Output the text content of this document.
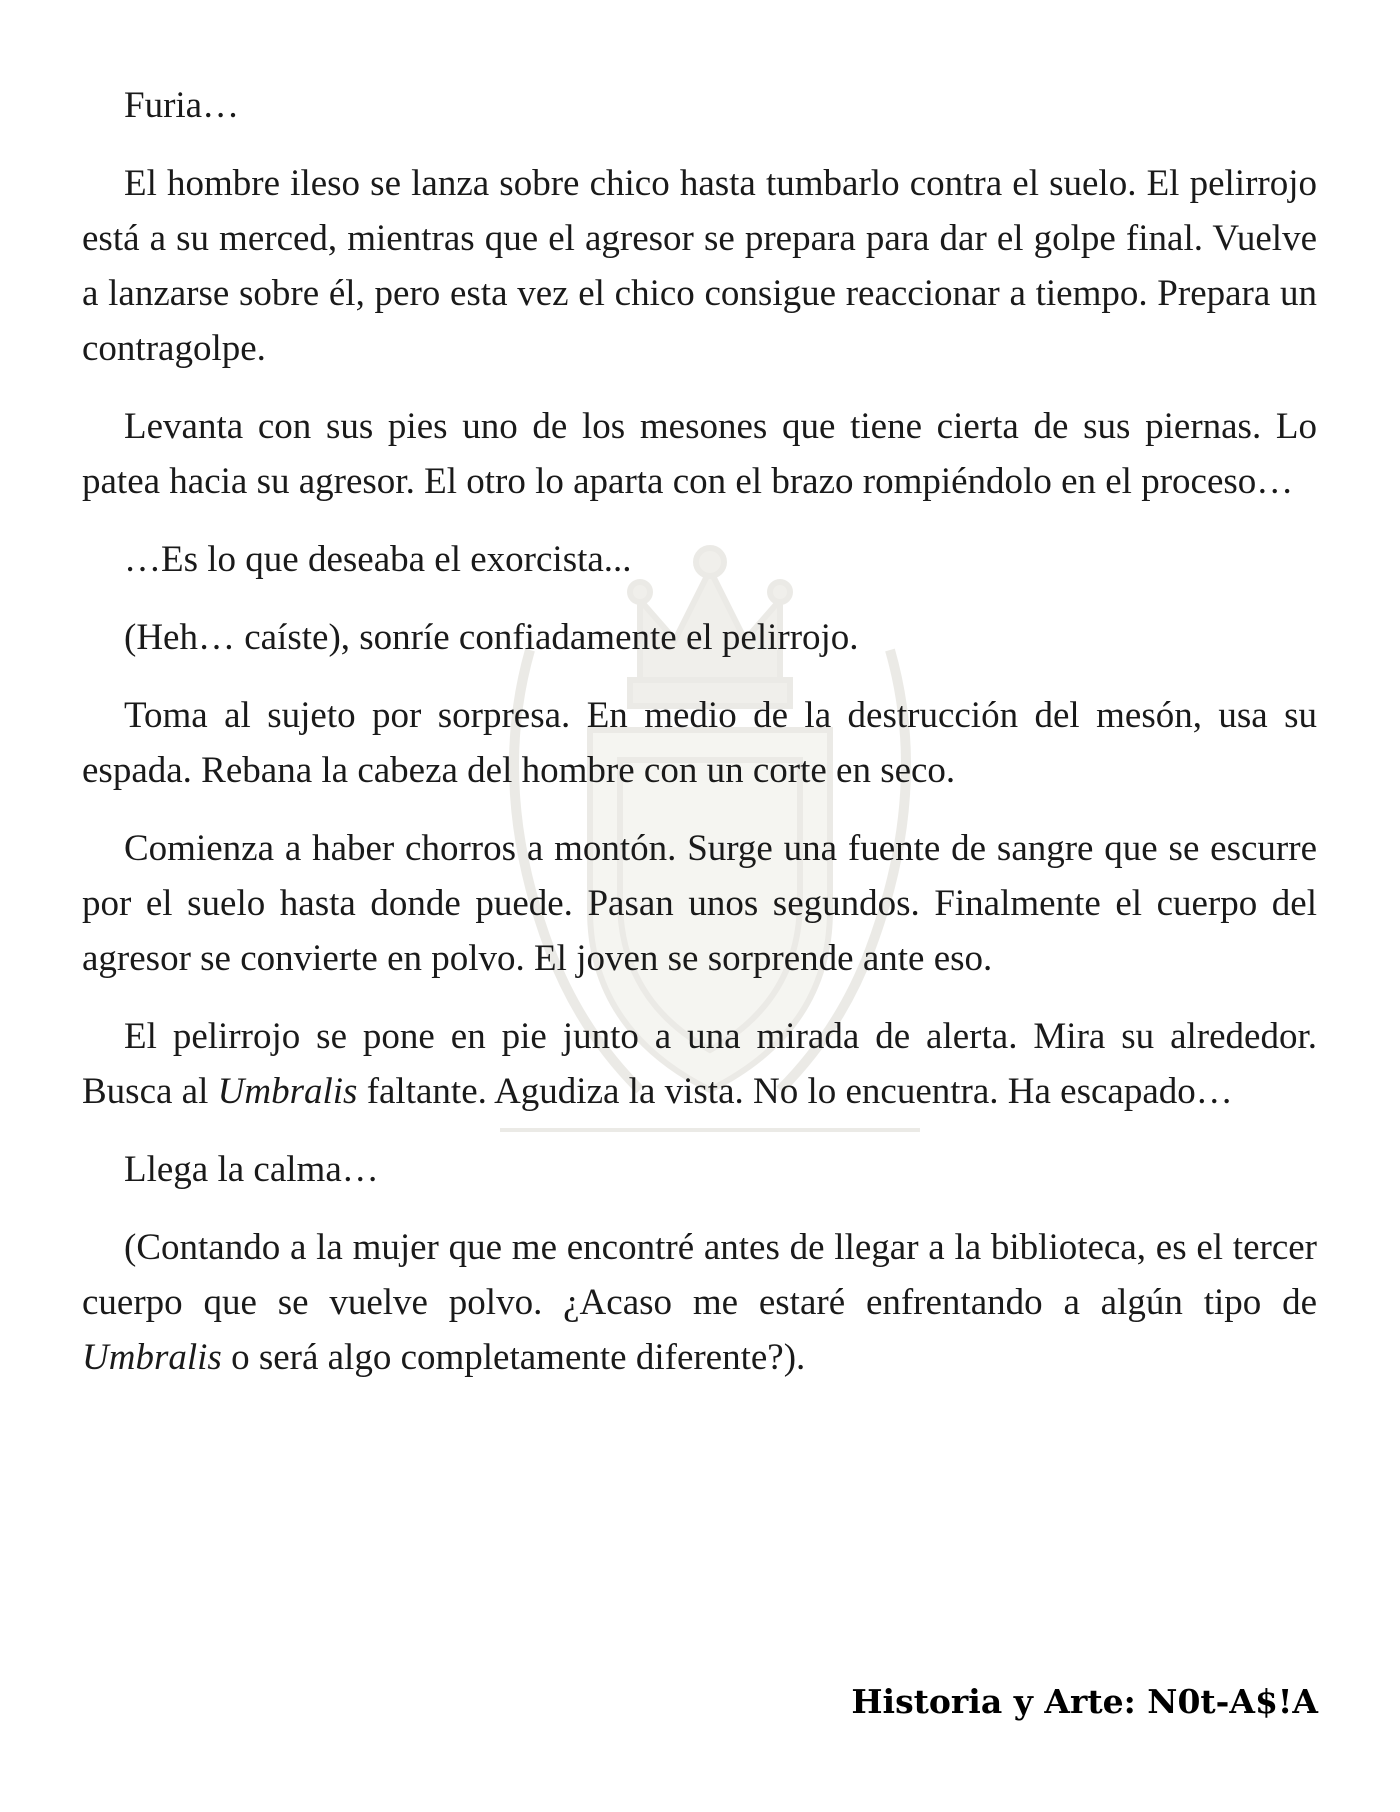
Furia…

El hombre ileso se lanza sobre chico hasta tumbarlo contra el suelo. El pelirrojo está a su merced, mientras que el agresor se prepara para dar el golpe final. Vuelve a lanzarse sobre él, pero esta vez el chico consigue reaccionar a tiempo. Prepara un contragolpe.

Levanta con sus pies uno de los mesones que tiene cierta de sus piernas. Lo patea hacia su agresor. El otro lo aparta con el brazo rompiéndolo en el proceso…

…Es lo que deseaba el exorcista...

(Heh… caíste), sonríe confiadamente el pelirrojo.

Toma al sujeto por sorpresa. En medio de la destrucción del mesón, usa su espada. Rebana la cabeza del hombre con un corte en seco.

Comienza a haber chorros a montón. Surge una fuente de sangre que se escurre por el suelo hasta donde puede. Pasan unos segundos. Finalmente el cuerpo del agresor se convierte en polvo. El joven se sorprende ante eso.

El pelirrojo se pone en pie junto a una mirada de alerta. Mira su alrededor. Busca al Umbralis faltante. Agudiza la vista. No lo encuentra. Ha escapado…

Llega la calma…

(Contando a la mujer que me encontré antes de llegar a la biblioteca, es el tercer cuerpo que se vuelve polvo. ¿Acaso me estaré enfrentando a algún tipo de Umbralis o será algo completamente diferente?).

Historia y Arte: N0t-A$!A
